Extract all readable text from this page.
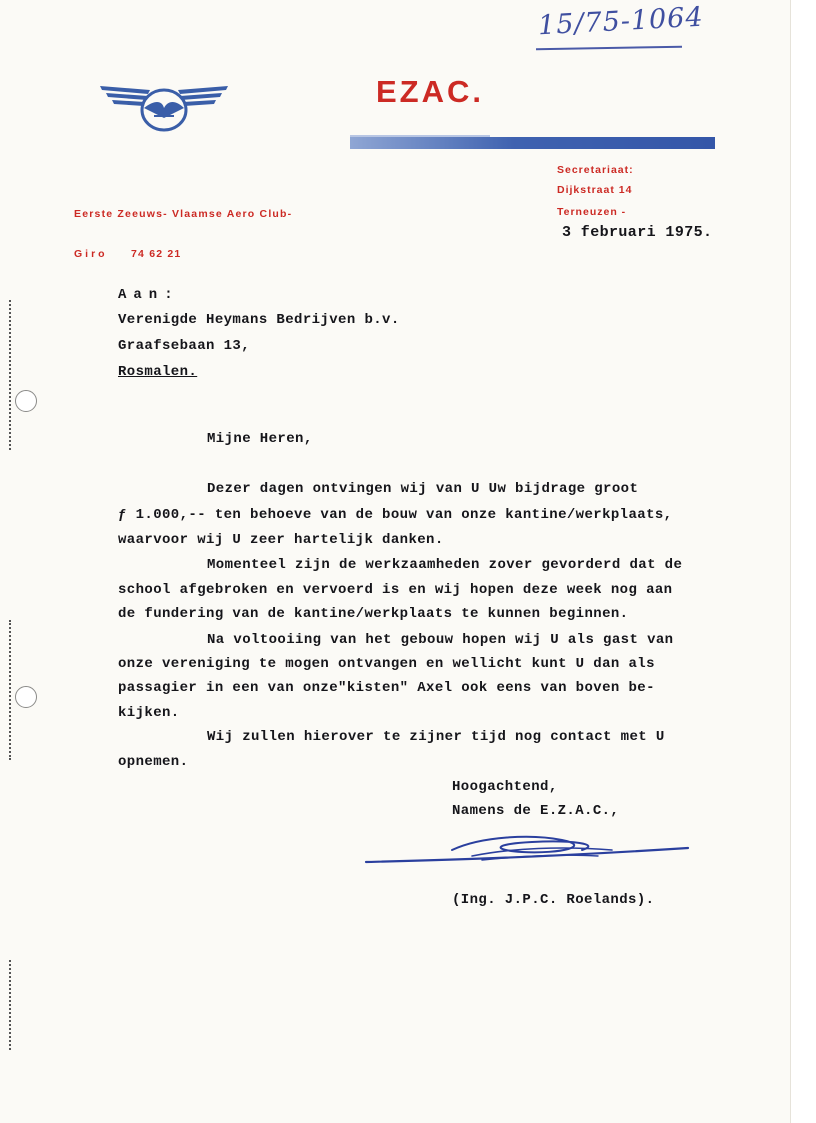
15/75-1064
EZAC.
Eerste Zeeuws- Vlaamse Aero Club-
Giro 74 62 21
Secretariaat:
Dijkstraat 14
Terneuzen -
3 februari 1975.
Aan:
Verenigde Heymans Bedrijven b.v.
Graafsebaan 13,
Rosmalen.
Mijne Heren,
Dezer dagen ontvingen wij van U Uw bijdrage groot
ƒ 1.000,-- ten behoeve van de bouw van onze kantine/werkplaats,
waarvoor wij U zeer hartelijk danken.
Momenteel zijn de werkzaamheden zover gevorderd dat de
school afgebroken en vervoerd is en wij hopen deze week nog aan
de fundering van de kantine/werkplaats te kunnen beginnen.
Na voltooiing van het gebouw hopen wij U als gast van
onze vereniging te mogen ontvangen en wellicht kunt U dan als
passagier in een van onze"kisten" Axel ook eens van boven be-
kijken.
Wij zullen hierover te zijner tijd nog contact met U
opnemen.
Hoogachtend,
Namens de E.Z.A.C.,
(Ing. J.P.C. Roelands).
